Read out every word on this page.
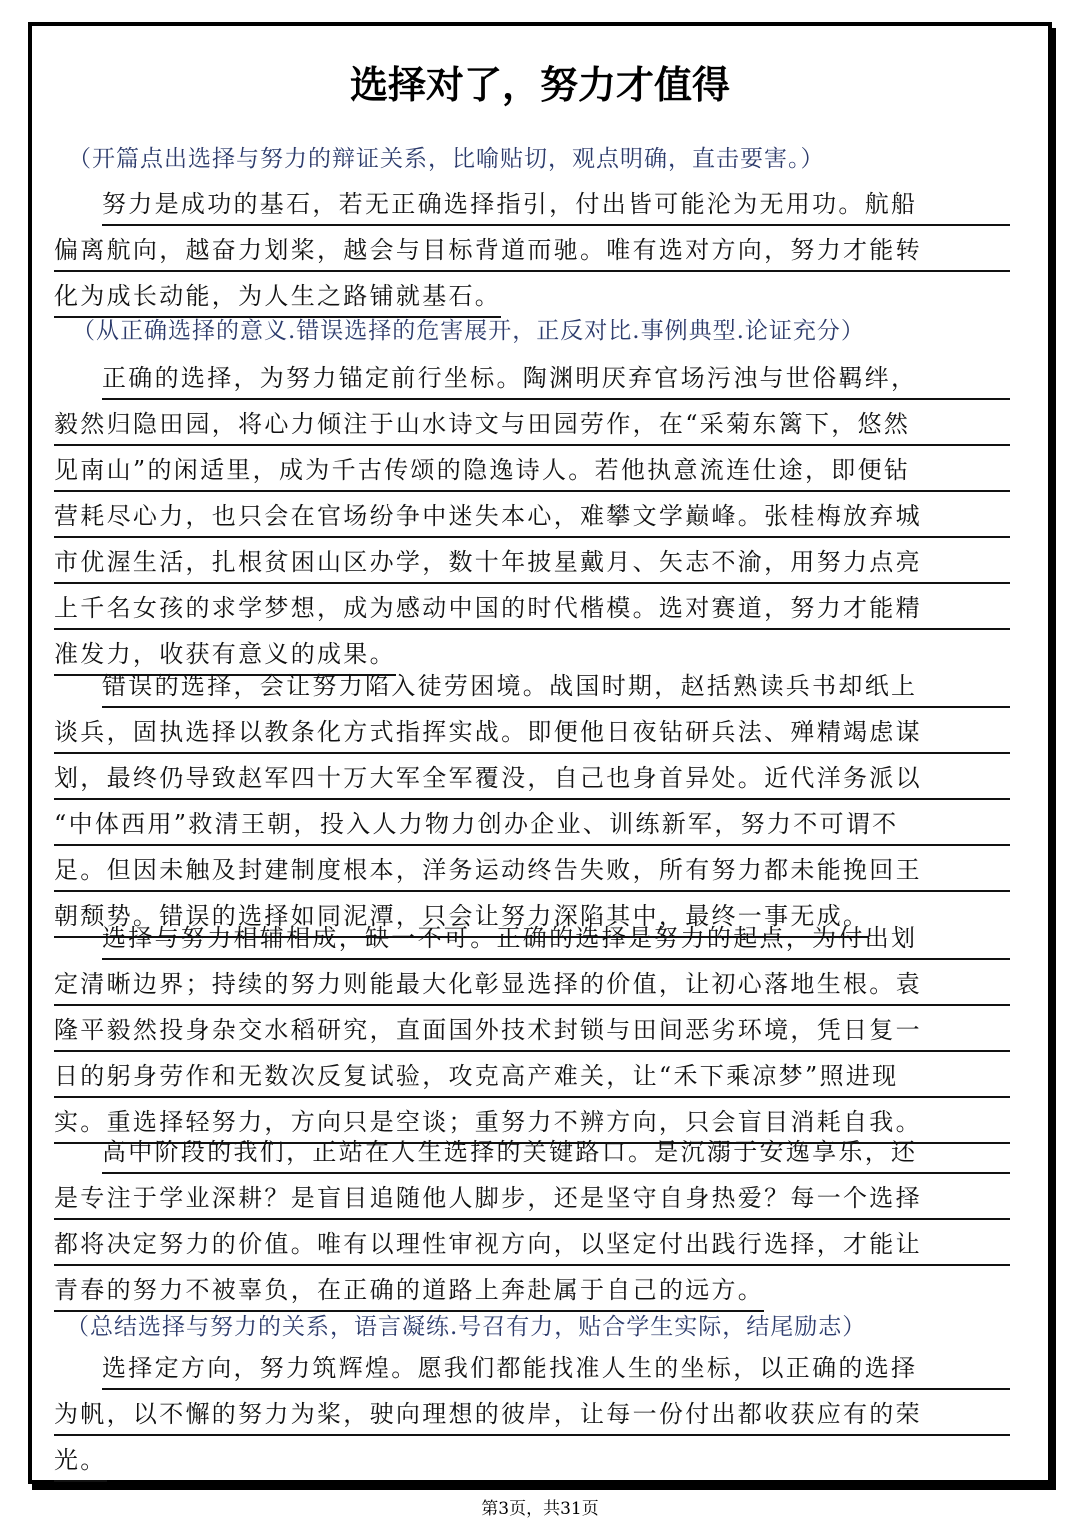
选择对了，努力才值得
（开篇点出选择与努力的辩证关系，比喻贴切，观点明确，直击要害。）
努力是成功的基石，若无正确选择指引，付出皆可能沦为无用功。航船
偏离航向，越奋力划桨，越会与目标背道而驰。唯有选对方向，努力才能转
化为成长动能，为人生之路铺就基石。
（从正确选择的意义.错误选择的危害展开，正反对比.事例典型.论证充分）
正确的选择，为努力锚定前行坐标。陶渊明厌弃官场污浊与世俗羁绊，
毅然归隐田园，将心力倾注于山水诗文与田园劳作，在“采菊东篱下，悠然
见南山”的闲适里，成为千古传颂的隐逸诗人。若他执意流连仕途，即便钻
营耗尽心力，也只会在官场纷争中迷失本心，难攀文学巅峰。张桂梅放弃城
市优渥生活，扎根贫困山区办学，数十年披星戴月、矢志不渝，用努力点亮
上千名女孩的求学梦想，成为感动中国的时代楷模。选对赛道，努力才能精
准发力，收获有意义的成果。
错误的选择，会让努力陷入徒劳困境。战国时期，赵括熟读兵书却纸上
谈兵，固执选择以教条化方式指挥实战。即便他日夜钻研兵法、殚精竭虑谋
划，最终仍导致赵军四十万大军全军覆没，自己也身首异处。近代洋务派以
“中体西用”救清王朝，投入人力物力创办企业、训练新军，努力不可谓不
足。但因未触及封建制度根本，洋务运动终告失败，所有努力都未能挽回王
朝颓势。错误的选择如同泥潭，只会让努力深陷其中，最终一事无成。
选择与努力相辅相成，缺一不可。正确的选择是努力的起点，为付出划
定清晰边界；持续的努力则能最大化彰显选择的价值，让初心落地生根。袁
隆平毅然投身杂交水稻研究，直面国外技术封锁与田间恶劣环境，凭日复一
日的躬身劳作和无数次反复试验，攻克高产难关，让“禾下乘凉梦”照进现
实。重选择轻努力，方向只是空谈；重努力不辨方向，只会盲目消耗自我。
高中阶段的我们，正站在人生选择的关键路口。是沉溺于安逸享乐，还
是专注于学业深耕？是盲目追随他人脚步，还是坚守自身热爱？每一个选择
都将决定努力的价值。唯有以理性审视方向，以坚定付出践行选择，才能让
青春的努力不被辜负，在正确的道路上奔赴属于自己的远方。
（总结选择与努力的关系，语言凝练.号召有力，贴合学生实际，结尾励志）
选择定方向，努力筑辉煌。愿我们都能找准人生的坐标，以正确的选择
为帆，以不懈的努力为桨，驶向理想的彼岸，让每一份付出都收获应有的荣
光。
第3页，共31页
